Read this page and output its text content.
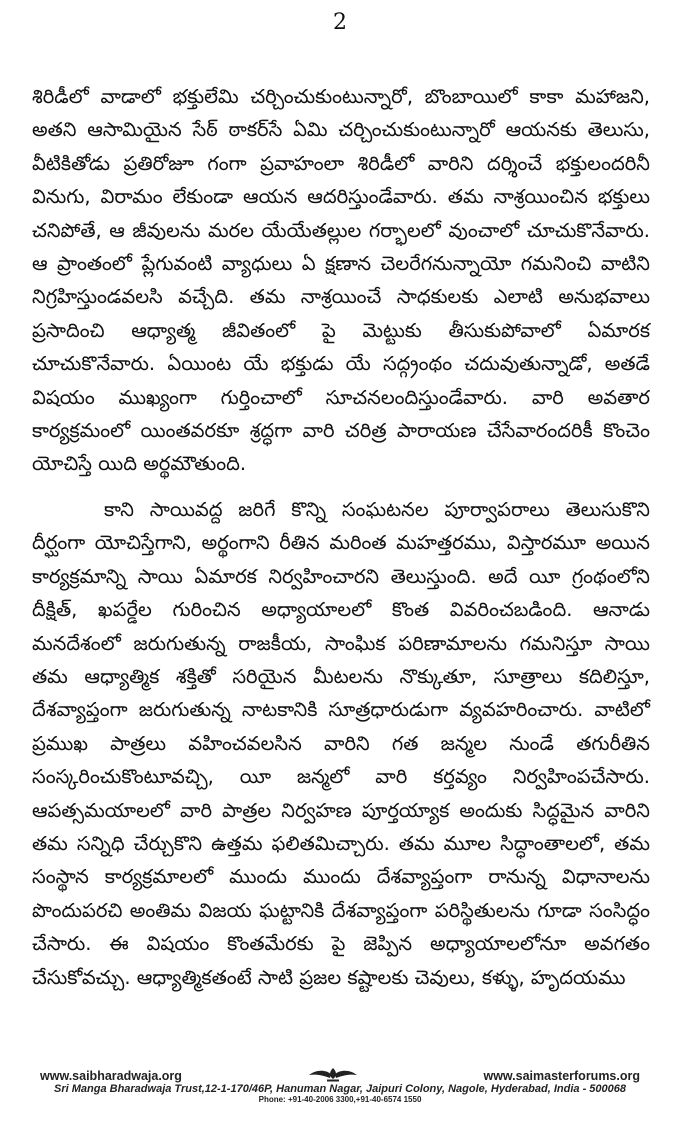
2

శిరిడీలో వాడాలో భక్తులేమి చర్చించుకుంటున్నారో, బొంబాయిలో కాకా మహాజని, అతని ఆసామియైన సేఠ్ ఠాకర్‌సే ఏమి చర్చించుకుంటున్నారో ఆయనకు తెలుసు, వీటికితోడు ప్రతిరోజూ గంగా ప్రవాహంలా శిరిడీలో వారిని దర్శించే భక్తులందరినీ వినుగు, విరామం లేకుండా ఆయన ఆదరిస్తుండేవారు. తమ నాశ్రయించిన భక్తులు చనిపోతే, ఆ జీవులను మరల యేయేతల్లుల గర్భాలలో వుంచాలో చూచుకొనేవారు. ఆ ప్రాంతంలో ప్లేగువంటి వ్యాధులు ఏ క్షణాన చెలరేగనున్నాయో గమనించి వాటిని నిగ్రహిస్తుండవలసి వచ్చేది. తమ నాశ్రయించే సాధకులకు ఎలాటి అనుభవాలు ప్రసాదించి ఆధ్యాత్మ జీవితంలో పై మెట్టుకు తీసుకుపోవాలో ఏమారక చూచుకొనేవారు. ఏయింట యే భక్తుడు యే సద్గ్రంథం చదువుతున్నాడో, అతడే విషయం ముఖ్యంగా గుర్తించాలో సూచనలందిస్తుండేవారు. వారి అవతార కార్యక్రమంలో యింతవరకూ శ్రద్ధగా వారి చరిత్ర పారాయణ చేసేవారందరికీ కొంచెం యోచిస్తే యిది అర్థమౌతుంది.

కాని సాయివద్ద జరిగే కొన్ని సంఘటనల పూర్వాపరాలు తెలుసుకొని దీర్ఘంగా యోచిస్తేగాని, అర్థంగాని రీతిన మరింత మహత్తరము, విస్తారమూ అయిన కార్యక్రమాన్ని సాయి ఏమారక నిర్వహించారని తెలుస్తుంది. అదే యీ గ్రంథంలోని దీక్షిత్, ఖపర్డేల గురించిన అధ్యాయాలలో కొంత వివరించబడింది. ఆనాడు మనదేశంలో జరుగుతున్న రాజకీయ, సాంఘిక పరిణామాలను గమనిస్తూ సాయి తమ ఆధ్యాత్మిక శక్తితో సరియైన మీటలను నొక్కుతూ, సూత్రాలు కదిలిస్తూ, దేశవ్యాప్తంగా జరుగుతున్న నాటకానికి సూత్రధారుడుగా వ్యవహరించారు. వాటిలో ప్రముఖ పాత్రలు వహించవలసిన వారిని గత జన్మల నుండే తగురీతిన సంస్కరించుకొంటూవచ్చి, యీ జన్మలో వారి కర్తవ్యం నిర్వహింపచేసారు. ఆపత్సమయాలలో వారి పాత్రల నిర్వహణ పూర్తయ్యాక అందుకు సిద్ధమైన వారిని తమ సన్నిధి చేర్చుకొని ఉత్తమ ఫలితమిచ్చారు. తమ మూల సిద్ధాంతాలలో, తమ సంస్థాన కార్యక్రమాలలో ముందు ముందు దేశవ్యాప్తంగా రానున్న విధానాలను పొందుపరచి అంతిమ విజయ ఘట్టానికి దేశవ్యాప్తంగా పరిస్థితులను గూడా సంసిద్ధం చేసారు. ఈ విషయం కొంతమేరకు పై జెప్పిన అధ్యాయాలలోనూ అవగతం చేసుకోవచ్చు. ఆధ్యాత్మికతంటే సాటి ప్రజల కష్టాలకు చెవులు, కళ్ళు, హృదయము

www.saibharadwaja.org	www.saimasterforums.org
Sri Manga Bharadwaja Trust,12-1-170/46P, Hanuman Nagar, Jaipuri Colony, Nagole, Hyderabad, India - 500068
Phone: +91-40-2006 3300,+91-40-6574 1550
